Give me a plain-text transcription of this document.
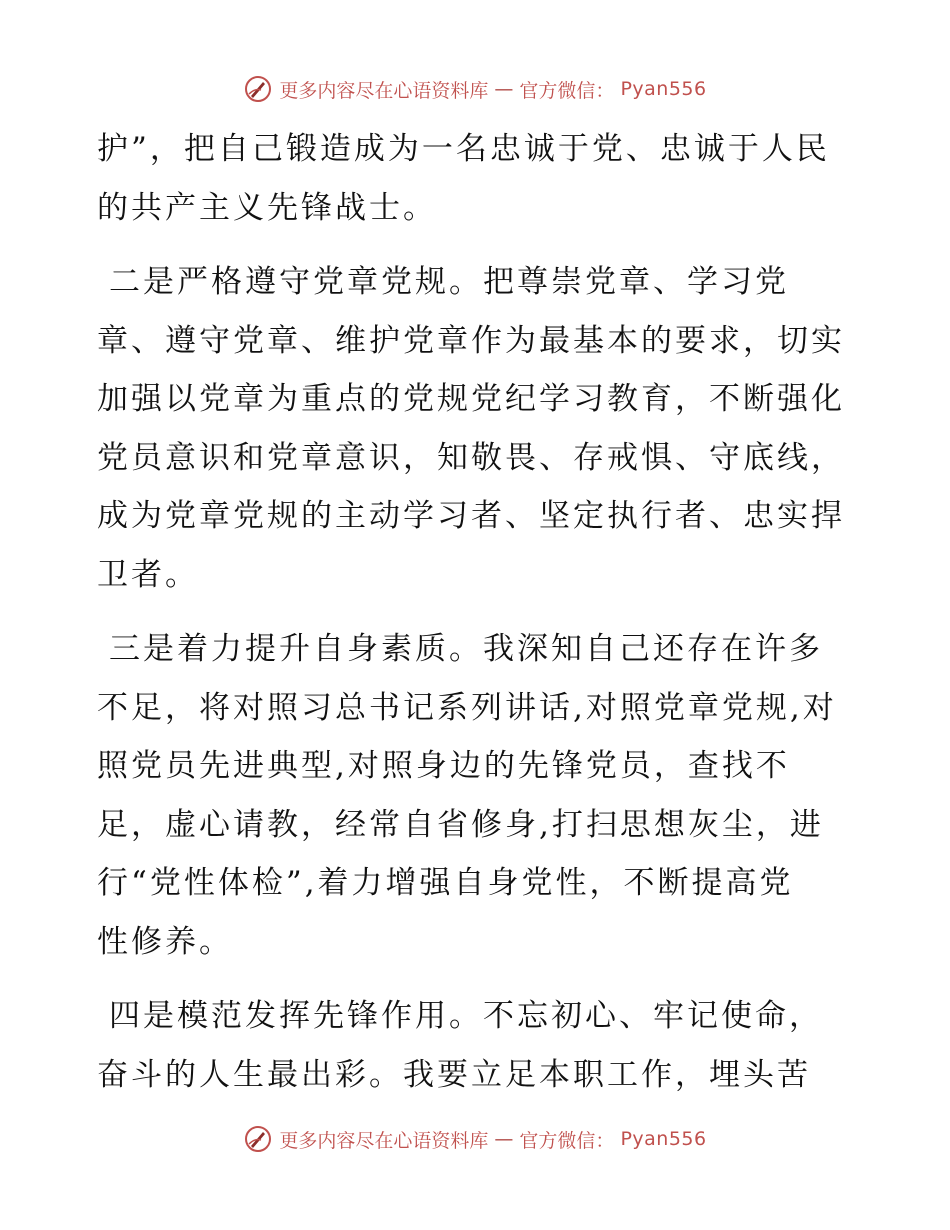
更多内容尽在心语资料库 — 官方微信： Pyan556

护”，把自己锻造成为一名忠诚于党、忠诚于人民
的共产主义先锋战士。

二是严格遵守党章党规。把尊崇党章、学习党
章、遵守党章、维护党章作为最基本的要求，切实
加强以党章为重点的党规党纪学习教育，不断强化
党员意识和党章意识，知敬畏、存戒惧、守底线，
成为党章党规的主动学习者、坚定执行者、忠实捍
卫者。

三是着力提升自身素质。我深知自己还存在许多
不足，将对照习总书记系列讲话,对照党章党规,对
照党员先进典型,对照身边的先锋党员，查找不
足，虚心请教，经常自省修身,打扫思想灰尘，进
行“党性体检”,着力增强自身党性，不断提高党
性修养。

四是模范发挥先锋作用。不忘初心、牢记使命，
奋斗的人生最出彩。我要立足本职工作，埋头苦

更多内容尽在心语资料库 — 官方微信： Pyan556
